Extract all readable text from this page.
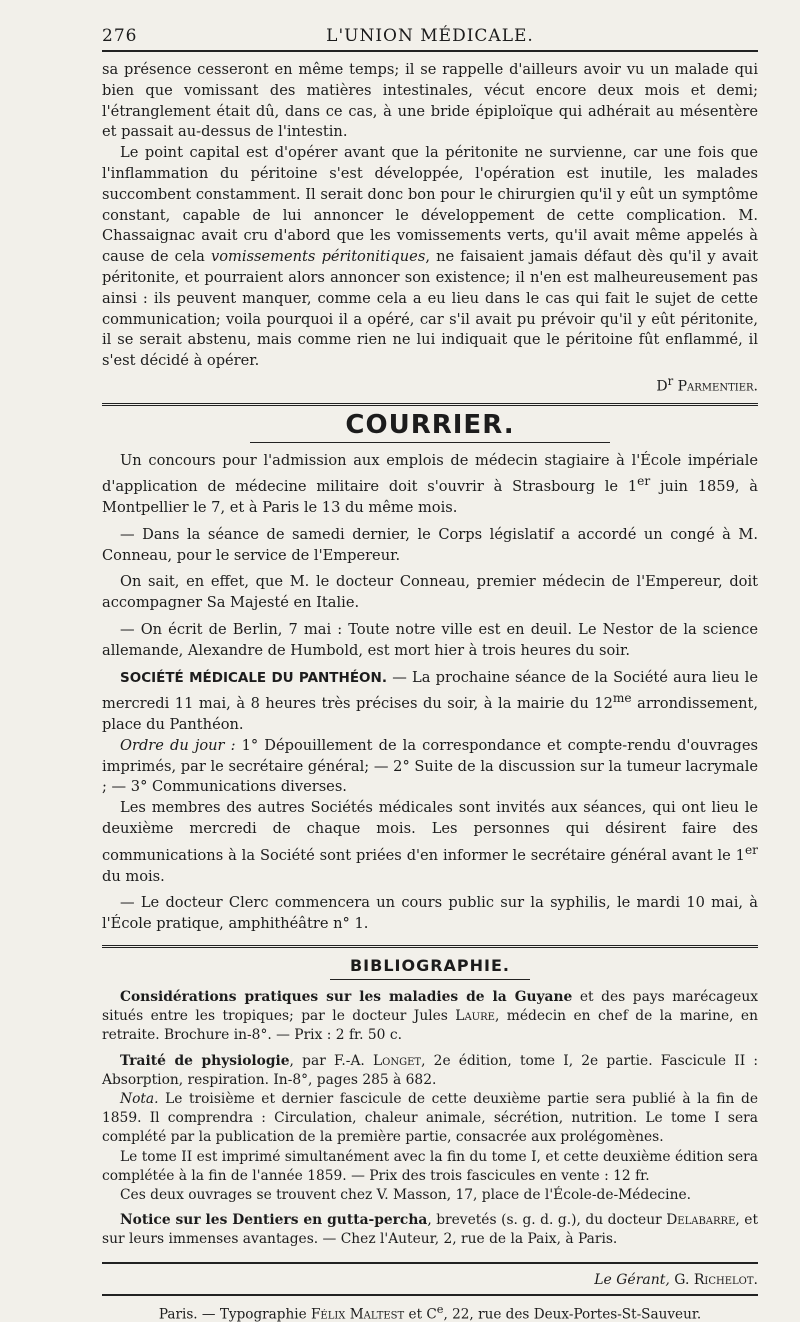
276	L'UNION MÉDICALE.

sa présence cesseront en même temps; il se rappelle d'ailleurs avoir vu un malade qui bien que vomissant des matières intestinales, vécut encore deux mois et demi; l'étranglement était dû, dans ce cas, à une bride épiploïque qui adhérait au mésentère et passait au-dessus de l'intestin.

Le point capital est d'opérer avant que la péritonite ne survienne, car une fois que l'inflammation du péritoine s'est développée, l'opération est inutile, les malades succombent constamment. Il serait donc bon pour le chirurgien qu'il y eût un symptôme constant, capable de lui annoncer le développement de cette complication. M. Chassaignac avait cru d'abord que les vomissements verts, qu'il avait même appelés à cause de cela vomissements péritonitiques, ne faisaient jamais défaut dès qu'il y avait péritonite, et pourraient alors annoncer son existence; il n'en est malheureusement pas ainsi : ils peuvent manquer, comme cela a eu lieu dans le cas qui fait le sujet de cette communication; voila pourquoi il a opéré, car s'il avait pu prévoir qu'il y eût péritonite, il se serait abstenu, mais comme rien ne lui indiquait que le péritoine fût enflammé, il s'est décidé à opérer.

$D^r$ Parmentier.
COURRIER.

Un concours pour l'admission aux emplois de médecin stagiaire à l'École impériale d'application de médecine militaire doit s'ouvrir à Strasbourg le 1er juin 1859, à Montpellier le 7, et à Paris le 13 du même mois.

— Dans la séance de samedi dernier, le Corps législatif a accordé un congé à M. Conneau, pour le service de l'Empereur.

On sait, en effet, que M. le docteur Conneau, premier médecin de l'Empereur, doit accompagner Sa Majesté en Italie.

— On écrit de Berlin, 7 mai : Toute notre ville est en deuil. Le Nestor de la science allemande, Alexandre de Humbold, est mort hier à trois heures du soir.

SOCIÉTÉ MÉDICALE DU PANTHÉON. — La prochaine séance de la Société aura lieu le mercredi 11 mai, à 8 heures très précises du soir, à la mairie du $12^{me}$ arrondissement, place du Panthéon.

Ordre du jour : 1° Dépouillement de la correspondance et compte-rendu d'ouvrages imprimés, par le secrétaire général; — 2° Suite de la discussion sur la tumeur lacrymale ; — 3° Communications diverses.

Les membres des autres Sociétés médicales sont invités aux séances, qui ont lieu le deuxième mercredi de chaque mois. Les personnes qui désirent faire des communications à la Société sont priées d'en informer le secrétaire général avant le 1er du mois.

— Le docteur Clerc commencera un cours public sur la syphilis, le mardi 10 mai, à l'École pratique, amphithéâtre n° 1.

BIBLIOGRAPHIE.

Considérations pratiques sur les maladies de la Guyane et des pays marécageux situés entre les tropiques; par le docteur Jules Laure, médecin en chef de la marine, en retraite. Brochure in-8°. — Prix : 2 fr. 50 c.

Traité de physiologie, par F.-A. Longet, 2e édition, tome I, 2e partie. Fascicule II : Absorption, respiration. In-8°, pages 285 à 682.

Nota. Le troisième et dernier fascicule de cette deuxième partie sera publié à la fin de 1859. Il comprendra : Circulation, chaleur animale, sécrétion, nutrition. Le tome I sera complété par la publication de la première partie, consacrée aux prolégomènes.

Le tome II est imprimé simultanément avec la fin du tome I, et cette deuxième édition sera complétée à la fin de l'année 1859. — Prix des trois fascicules en vente : 12 fr.

Ces deux ouvrages se trouvent chez V. Masson, 17, place de l'École-de-Médecine.

Notice sur les Dentiers en gutta-percha, brevetés (s. g. d. g.), du docteur Delabarre, et sur leurs immenses avantages. — Chez l'Auteur, 2, rue de la Paix, à Paris.

Le Gérant, G. Richelot.
Paris. — Typographie Félix Maltest et Ce, 22, rue des Deux-Portes-St-Sauveur.
